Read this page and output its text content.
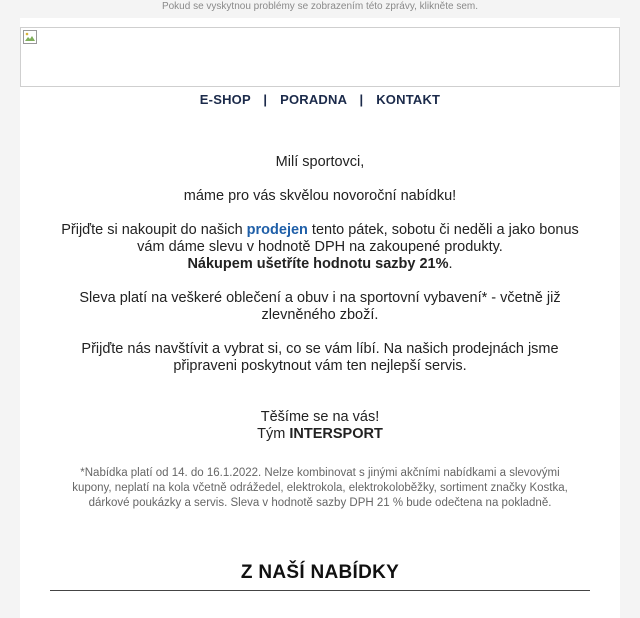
Pokud se vyskytnou problémy se zobrazením této zprávy, klikněte sem.
E-SHOP | PORADNA | KONTAKT
Milí sportovci,
máme pro vás skvělou novoroční nabídku!
Přijďte si nakoupit do našich prodejen tento pátek, sobotu či neděli a jako bonus vám dáme slevu v hodnotě DPH na zakoupené produkty.
Nákupem ušetříte hodnotu sazby 21%.
Sleva platí na veškeré oblečení a obuv i na sportovní vybavení* - včetně již zlevněného zboží.
Přijďte nás navštívit a vybrat si, co se vám líbí. Na našich prodejnách jsme připraveni poskytnout vám ten nejlepší servis.
Těšíme se na vás!
Tým INTERSPORT
*Nabídka platí od 14. do 16.1.2022. Nelze kombinovat s jinými akčními nabídkami a slevovými kupony, neplatí na kola včetně odrážedel, elektrokola, elektrokoloběžky, sortiment značky Kostka, dárkové poukázky a servis. Sleva v hodnotě sazby DPH 21 % bude odečtena na pokladně.
Z NAŠÍ NABÍDKY
